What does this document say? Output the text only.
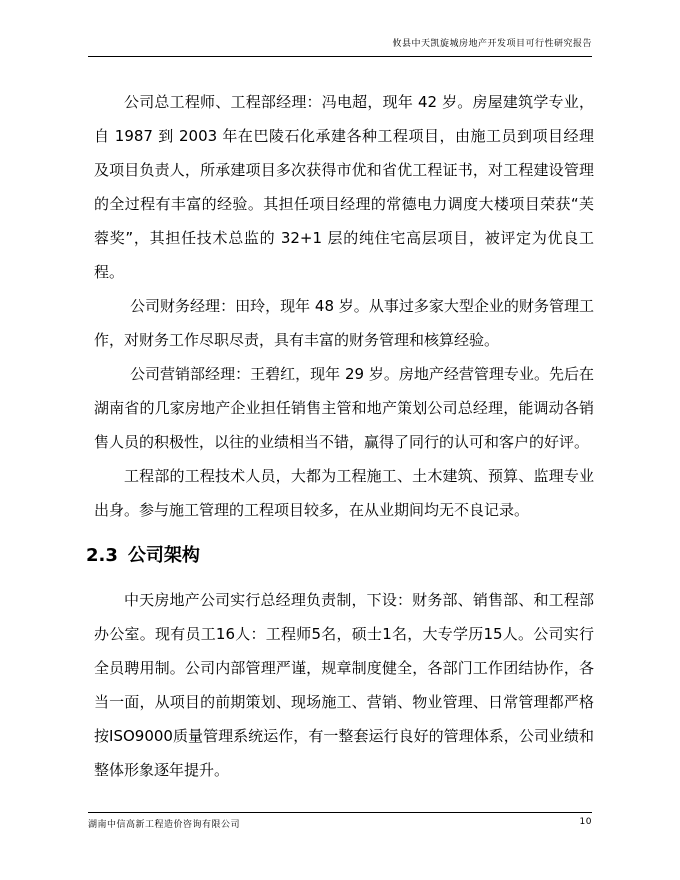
攸县中天凯旋城房地产开发项目可行性研究报告

公司总工程师、工程部经理：冯电超，现年 42 岁。房屋建筑学专业，自 1987 到 2003 年在巴陵石化承建各种工程项目，由施工员到项目经理及项目负责人，所承建项目多次获得市优和省优工程证书，对工程建设管理的全过程有丰富的经验。其担任项目经理的常德电力调度大楼项目荣获“芙蓉奖”，其担任技术总监的 32+1 层的纯住宅高层项目，被评定为优良工程。

公司财务经理：田玲，现年 48 岁。从事过多家大型企业的财务管理工作，对财务工作尽职尽责，具有丰富的财务管理和核算经验。

公司营销部经理：王碧红，现年 29 岁。房地产经营管理专业。先后在湖南省的几家房地产企业担任销售主管和地产策划公司总经理，能调动各销售人员的积极性，以往的业绩相当不错，赢得了同行的认可和客户的好评。

工程部的工程技术人员，大都为工程施工、土木建筑、预算、监理专业出身。参与施工管理的工程项目较多，在从业期间均无不良记录。

2.3 公司架构

中天房地产公司实行总经理负责制，下设：财务部、销售部、和工程部办公室。现有员工16人：工程师5名，硕士1名，大专学历15人。公司实行全员聘用制。公司内部管理严谨，规章制度健全，各部门工作团结协作，各当一面，从项目的前期策划、现场施工、营销、物业管理、日常管理都严格按ISO9000质量管理系统运作，有一整套运行良好的管理体系，公司业绩和整体形象逐年提升。

湖南中信高新工程造价咨询有限公司	10
